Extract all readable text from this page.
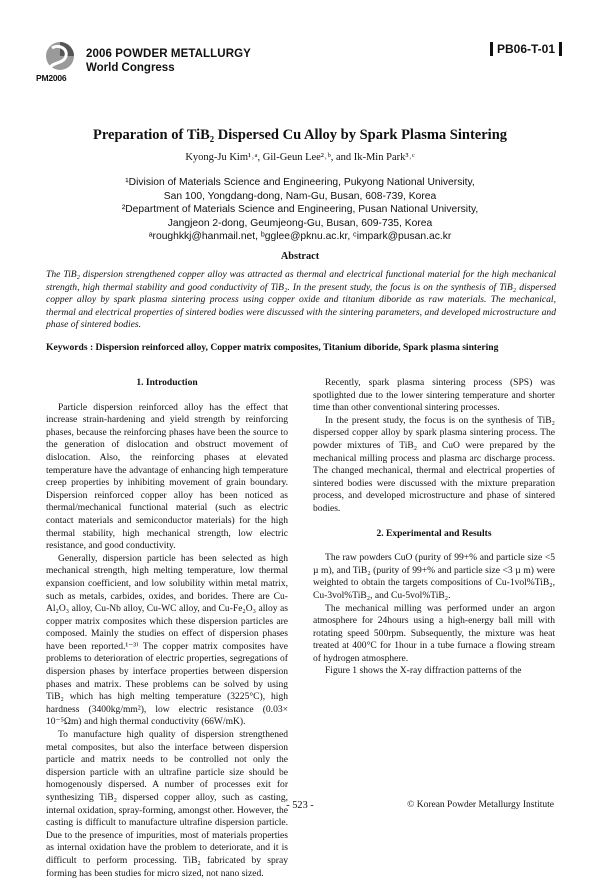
PM2006
2006 POWDER METALLURGY
World Congress
PB06-T-01
Preparation of TiB₂ Dispersed Cu Alloy by Spark Plasma Sintering
Kyong-Ju Kim¹˒ᵃ, Gil-Geun Lee²˒ᵇ, and Ik-Min Park³˒ᶜ
¹Division of Materials Science and Engineering, Pukyong National University,
San 100, Yongdang-dong, Nam-Gu, Busan, 608-739, Korea
²Department of Materials Science and Engineering, Pusan National University,
Jangjeon 2-dong, Geumjeong-Gu, Busan, 609-735, Korea
ᵃroughkkj@hanmail.net, ᵇgglee@pknu.ac.kr, ᶜimpark@pusan.ac.kr
Abstract
The TiB₂ dispersion strengthened copper alloy was attracted as thermal and electrical functional material for the high mechanical strength, high thermal stability and good conductivity of TiB₂. In the present study, the focus is on the synthesis of TiB₂ dispersed copper alloy by spark plasma sintering process using copper oxide and titanium diboride as raw materials. The mechanical, thermal and electrical properties of sintered bodies were discussed with the sintering parameters, and developed microstructure and phase of sintered bodies.
Keywords : Dispersion reinforced alloy, Copper matrix composites, Titanium diboride, Spark plasma sintering
1. Introduction

Particle dispersion reinforced alloy has the effect that increase strain-hardening and yield strength by reinforcing phases, because the reinforcing phases have been the source to the generation of dislocation and obstruct movement of dislocation. Also, the reinforcing phases at elevated temperature have the advantage of enhancing high temperature creep properties by inhibiting movement of grain boundary. Dispersion reinforced copper alloy has been noticed as thermal/mechanical functional material (such as electric contact materials and semiconductor materials) for the high thermal stability, high mechanical strength, low electric resistance, and good conductivity.

Generally, dispersion particle has been selected as high mechanical strength, high melting temperature, low thermal expansion coefficient, and low solubility within metal matrix, such as metals, carbides, oxides, and borides. There are Cu-Al₂O₃ alloy, Cu-Nb alloy, Cu-WC alloy, and Cu-Fe₂O₃ alloy as copper matrix composites which these dispersion particles are composed. Mainly the studies on effect of dispersion phases have been reported.¹⁻³⁾ The copper matrix composites have problems to deterioration of electric properties, segregations of dispersion phases by interface properties between dispersion phases and matrix. These problems can be solved by using TiB₂ which has high melting temperature (3225°C), high hardness (3400kg/mm²), low electric resistance (0.03× 10⁻⁵Ωm) and high thermal conductivity (66W/mK).

To manufacture high quality of dispersion strengthened metal composites, but also the interface between dispersion particle and matrix needs to be controlled not only the dispersion particle with an ultrafine particle size should be homogenously dispersed. A number of processes exit for synthesizing TiB₂ dispersed copper alloy, such as casting, internal oxidation, spray-forming, amongst other. However, the casting is difficult to manufacture ultrafine dispersion particle. Due to the presence of impurities, most of materials properties as internal oxidation have the problem to deteriorate, and it is difficult to perform processing. TiB₂ fabricated by spray forming has been studies for micro sized, not nano sized.

Recently, spark plasma sintering process (SPS) was spotlighted due to the lower sintering temperature and shorter time than other conventional sintering processes.

In the present study, the focus is on the synthesis of TiB₂ dispersed copper alloy by spark plasma sintering process. The powder mixtures of TiB₂ and CuO were prepared by the mechanical milling process and plasma arc discharge process. The changed mechanical, thermal and electrical properties of sintered bodies were discussed with the mixture preparation process, and developed microstructure and phase of sintered bodies.

2. Experimental and Results

The raw powders CuO (purity of 99+% and particle size <5 µ m), and TiB₂ (purity of 99+% and particle size <3 µ m) were weighted to obtain the targets compositions of Cu-1vol%TiB₂, Cu-3vol%TiB₂, and Cu-5vol%TiB₂.

The mechanical milling was performed under an argon atmosphere for 24hours using a high-energy ball mill with rotating speed 500rpm. Subsequently, the mixture was heat treated at 400°C for 1hour in a tube furnace a flowing stream of hydrogen atmosphere.

Figure 1 shows the X-ray diffraction patterns of the

- 523 -	© Korean Powder Metallurgy Institute
